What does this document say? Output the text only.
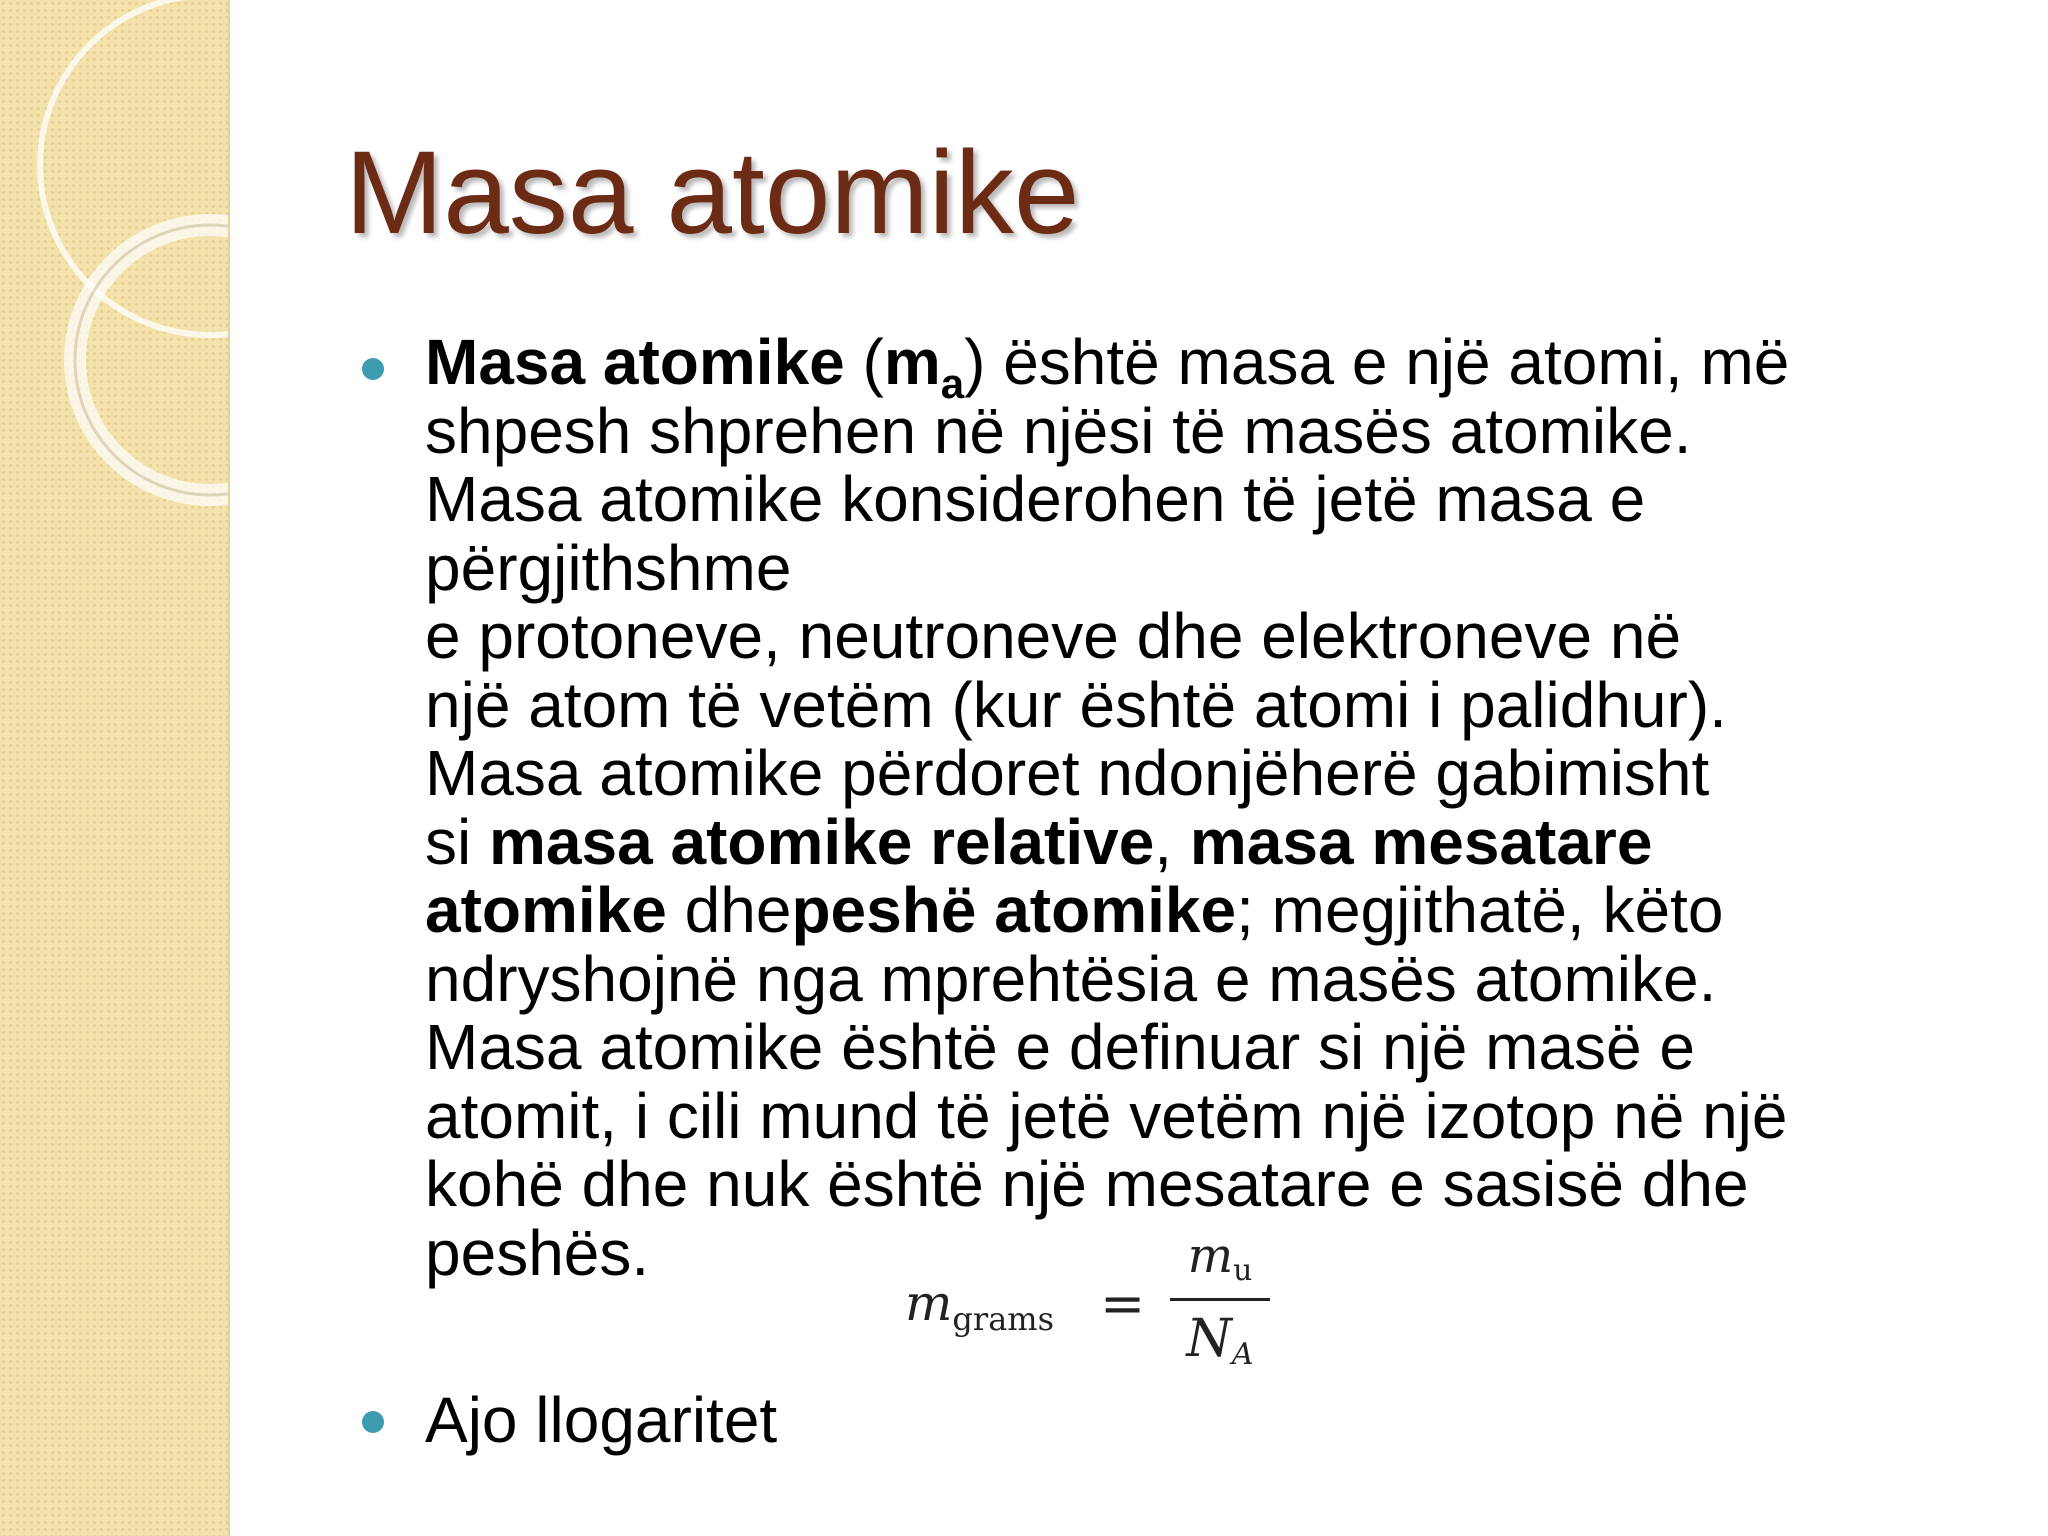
Masa atomike
Masa atomike $(m_a)$ është masa e një atomi, më
shpesh shprehen në njësi të masës atomike.
Masa atomike konsiderohen të jetë masa e
përgjithshme
e protoneve, neutroneve dhe elektroneve në
një atom të vetëm (kur është atomi i palidhur).
Masa atomike përdoret ndonjëherë gabimisht
si masa atomike relative, masa mesatare
atomike dhepeshë atomike; megjithatë, këto
ndryshojnë nga mprehtësia e masës atomike.
Masa atomike është e definuar si një masë e
atomit, i cili mund të jetë vetëm një izotop në një
kohë dhe nuk është një mesatare e sasisë dhe
peshës.
$m_{grams}$ =
mu
NA
Ajo llogaritet
